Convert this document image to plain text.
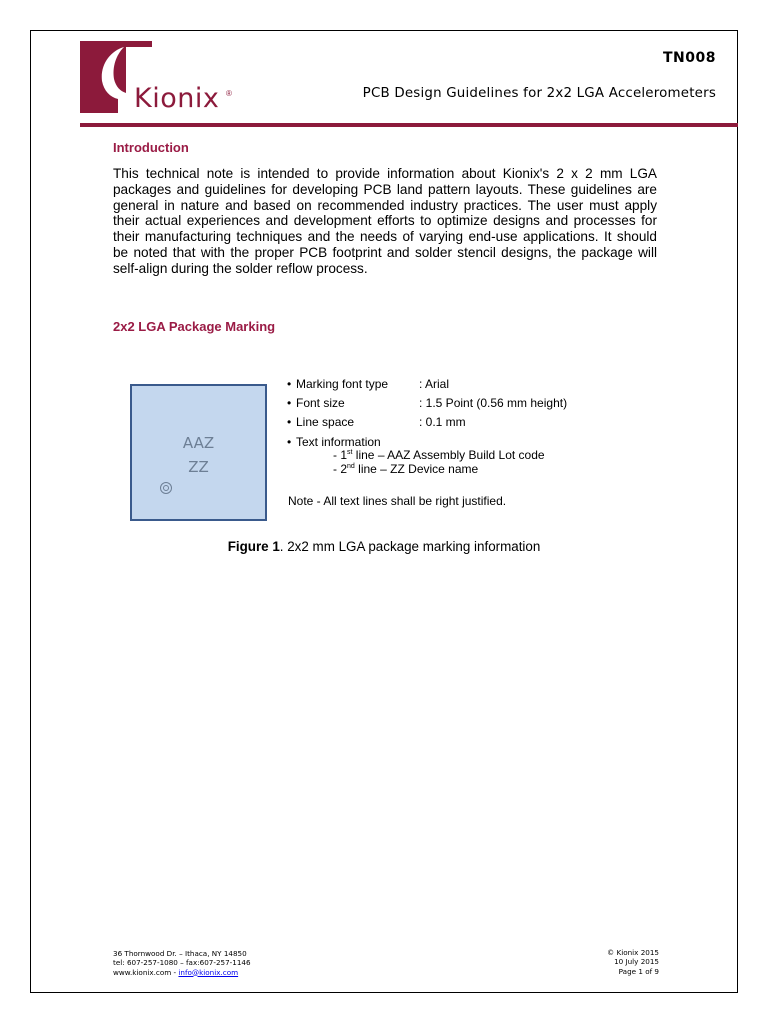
Kionix ®
TN008
PCB Design Guidelines for 2x2 LGA Accelerometers
Introduction
This technical note is intended to provide information about Kionix's 2 x 2 mm LGA packages and guidelines for developing PCB land pattern layouts. These guidelines are general in nature and based on recommended industry practices. The user must apply their actual experiences and development efforts to optimize designs and processes for their manufacturing techniques and the needs of varying end-use applications. It should be noted that with the proper PCB footprint and solder stencil designs, the package will self-align during the solder reflow process.
2x2 LGA Package Marking
AAZ
ZZ
• Marking font type	: Arial
• Font size	: 1.5 Point (0.56 mm height)
• Line space	: 0.1 mm
• Text information
- 1st line – AAZ Assembly Build Lot code
- 2nd line – ZZ Device name
Note - All text lines shall be right justified.
Figure 1. 2x2 mm LGA package marking information
36 Thornwood Dr. – Ithaca, NY 14850
tel: 607-257-1080 – fax:607-257-1146
www.kionix.com - info@kionix.com
© Kionix 2015
10 July 2015
Page 1 of 9
